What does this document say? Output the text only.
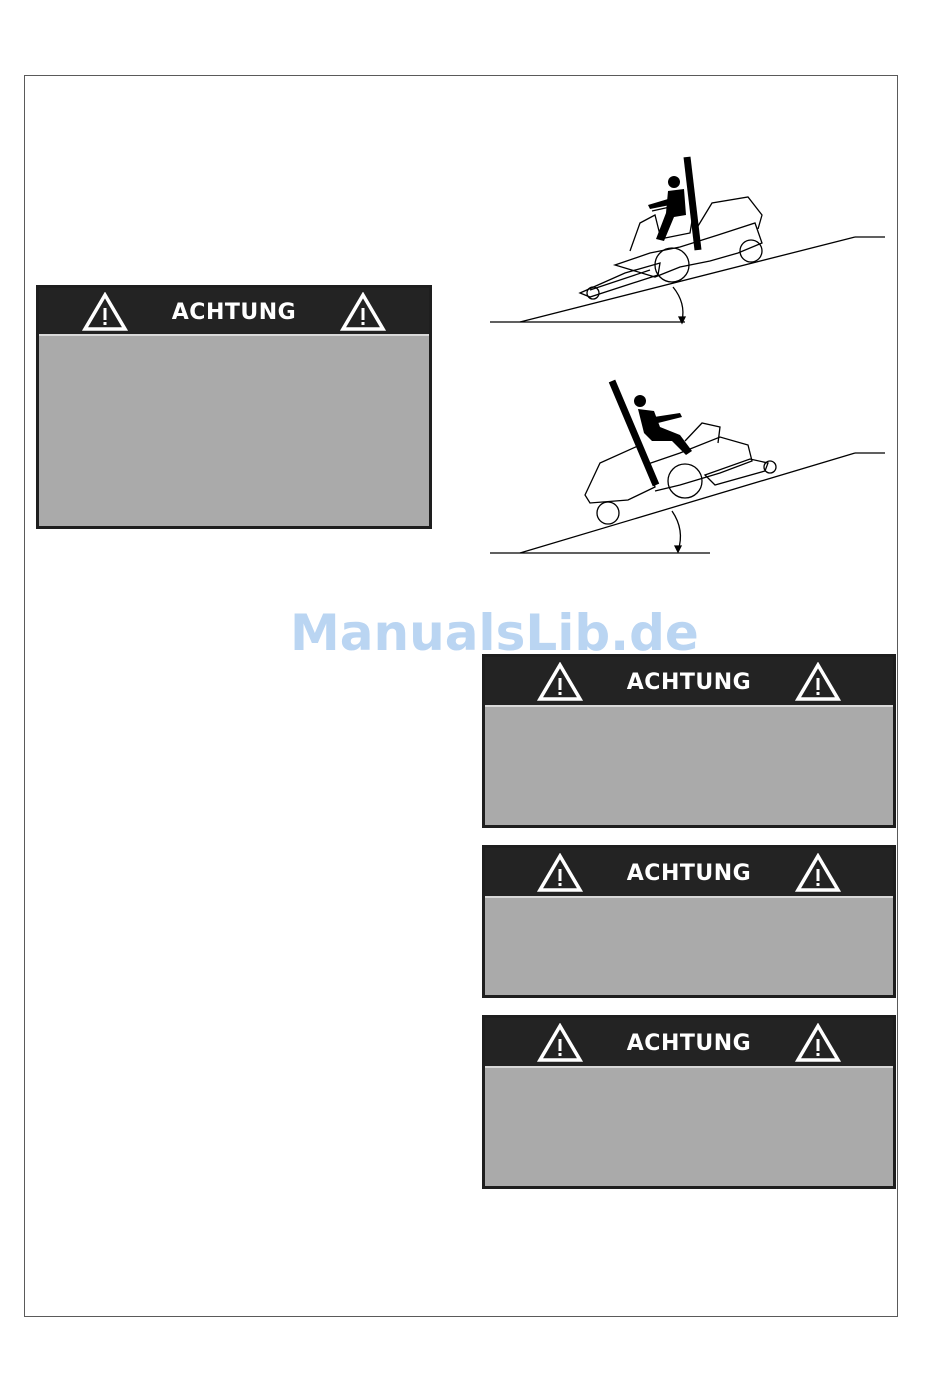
ACHTUNG
ACHTUNG
ACHTUNG
ACHTUNG
ManualsLib.de
